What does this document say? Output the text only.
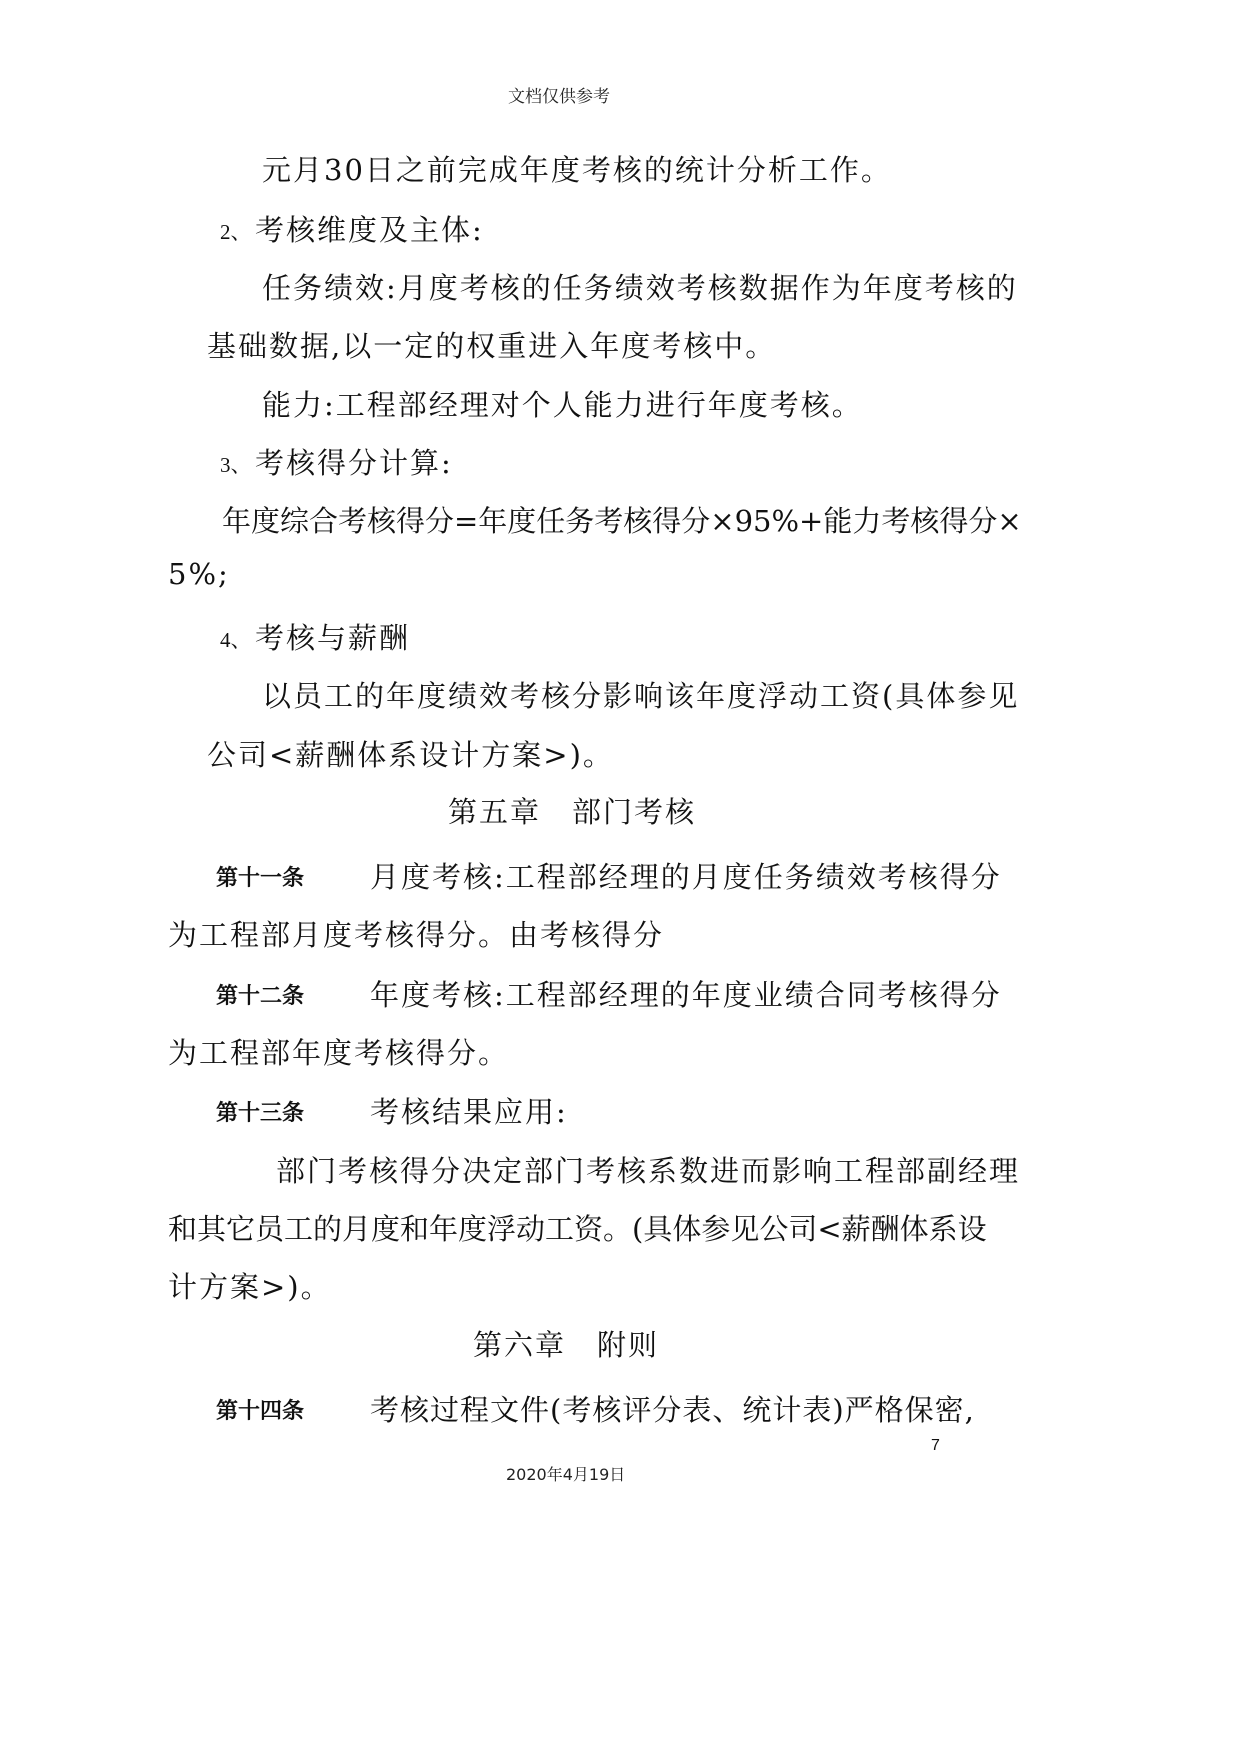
文档仅供参考
元月30日之前完成年度考核的统计分析工作。
2、 考核维度及主体:
任务绩效:月度考核的任务绩效考核数据作为年度考核的
基础数据,以一定的权重进入年度考核中。
能力:工程部经理对个人能力进行年度考核。
3、 考核得分计算:
年度综合考核得分=年度任务考核得分×95%+能力考核得分×
5%;
4、 考核与薪酬
以员工的年度绩效考核分影响该年度浮动工资(具体参见
公司<薪酬体系设计方案>)。
第五章　部门考核
第十一条 月度考核:工程部经理的月度任务绩效考核得分
为工程部月度考核得分。由考核得分
第十二条 年度考核:工程部经理的年度业绩合同考核得分
为工程部年度考核得分。
第十三条 考核结果应用:
部门考核得分决定部门考核系数进而影响工程部副经理
和其它员工的月度和年度浮动工资。(具体参见公司<薪酬体系设
计方案>)。
第六章　附则
第十四条 考核过程文件(考核评分表、统计表)严格保密,
7
2020年4月19日
